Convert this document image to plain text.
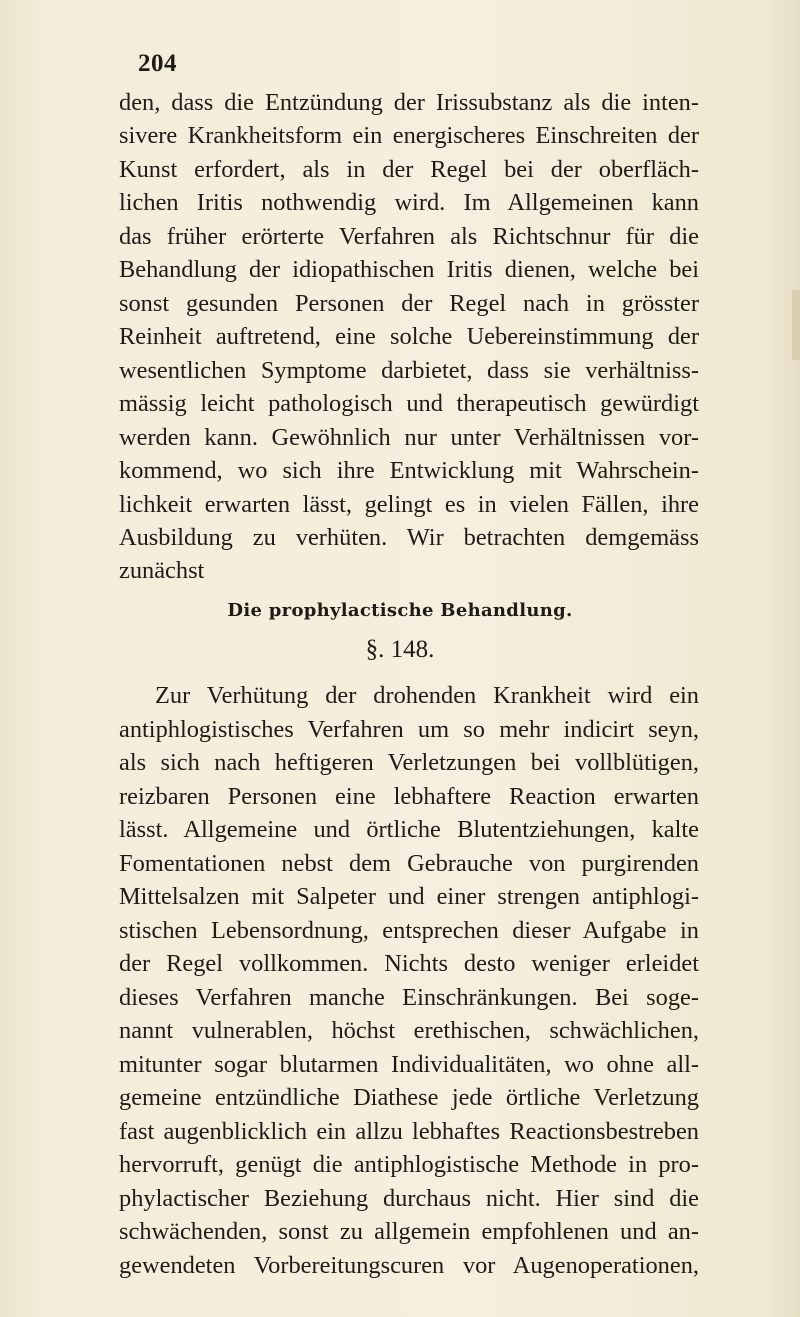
204
den, dass die Entzündung der Irissubstanz als die inten-
sivere Krankheitsform ein energischeres Einschreiten der
Kunst erfordert, als in der Regel bei der oberfläch-
lichen Iritis nothwendig wird. Im Allgemeinen kann
das früher erörterte Verfahren als Richtschnur für die
Behandlung der idiopathischen Iritis dienen, welche bei
sonst gesunden Personen der Regel nach in grösster
Reinheit auftretend, eine solche Uebereinstimmung der
wesentlichen Symptome darbietet, dass sie verhältniss-
mässig leicht pathologisch und therapeutisch gewürdigt
werden kann. Gewöhnlich nur unter Verhältnissen vor-
kommend, wo sich ihre Entwicklung mit Wahrschein-
lichkeit erwarten lässt, gelingt es in vielen Fällen, ihre
Ausbildung zu verhüten. Wir betrachten demgemäss
zunächst
Die prophylactische Behandlung.
§. 148.
Zur Verhütung der drohenden Krankheit wird ein
antiphlogistisches Verfahren um so mehr indicirt seyn,
als sich nach heftigeren Verletzungen bei vollblütigen,
reizbaren Personen eine lebhaftere Reaction erwarten
lässt. Allgemeine und örtliche Blutentziehungen, kalte
Fomentationen nebst dem Gebrauche von purgirenden
Mittelsalzen mit Salpeter und einer strengen antiphlogi-
stischen Lebensordnung, entsprechen dieser Aufgabe in
der Regel vollkommen. Nichts desto weniger erleidet
dieses Verfahren manche Einschränkungen. Bei soge-
nannt vulnerablen, höchst erethischen, schwächlichen,
mitunter sogar blutarmen Individualitäten, wo ohne all-
gemeine entzündliche Diathese jede örtliche Verletzung
fast augenblicklich ein allzu lebhaftes Reactionsbestreben
hervorruft, genügt die antiphlogistische Methode in pro-
phylactischer Beziehung durchaus nicht. Hier sind die
schwächenden, sonst zu allgemein empfohlenen und an-
gewendeten Vorbereitungscuren vor Augenoperationen,
